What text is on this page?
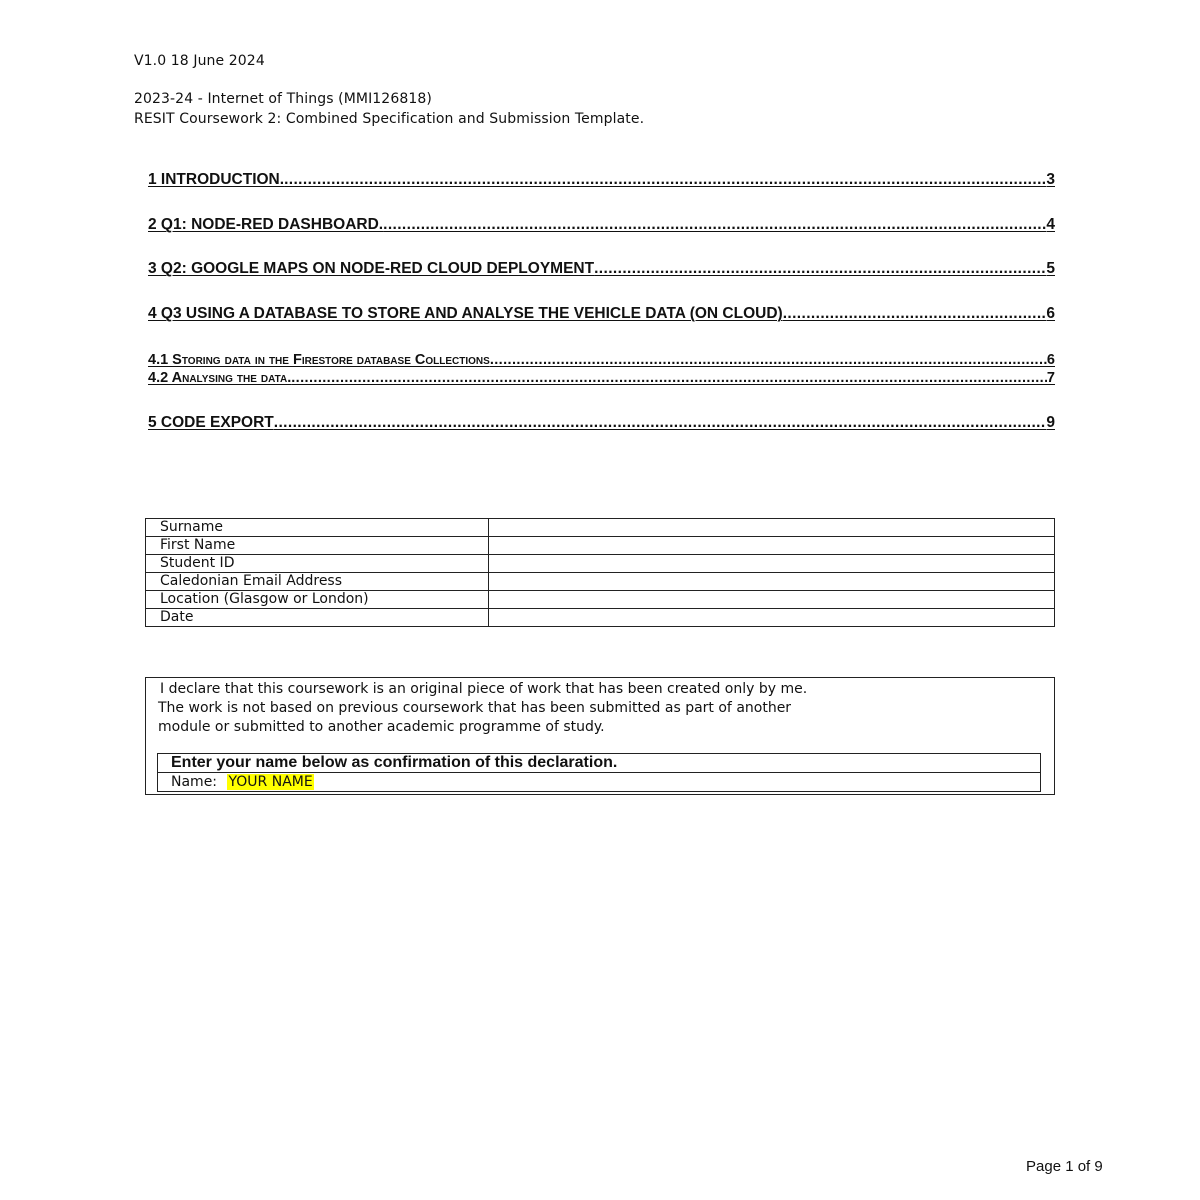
V1.0 18 June 2024
2023-24 - Internet of Things (MMI126818)
RESIT Coursework 2: Combined Specification and Submission Template.
1 INTRODUCTION. .....	3
2 Q1: NODE-RED DASHBOARD. .....	4
3 Q2: GOOGLE MAPS ON NODE-RED CLOUD DEPLOYMENT .....	5
4 Q3 USING A DATABASE TO STORE AND ANALYSE THE VEHICLE DATA (ON CLOUD) .....	6
4.1 Storing data in the Firestore database Collections .....	6
4.2 Analysing the data. .....	7
5 CODE EXPORT .....	9
Surname	
First Name	
Student ID	
Caledonian Email Address	
Location (Glasgow or London)	
Date	
I declare that this coursework is an original piece of work that has been created only by me.
The work is not based on previous coursework that has been submitted as part of another
module or submitted to another academic programme of study.
Enter your name below as confirmation of this declaration.
Name: YOUR NAME
Page 1 of 9
